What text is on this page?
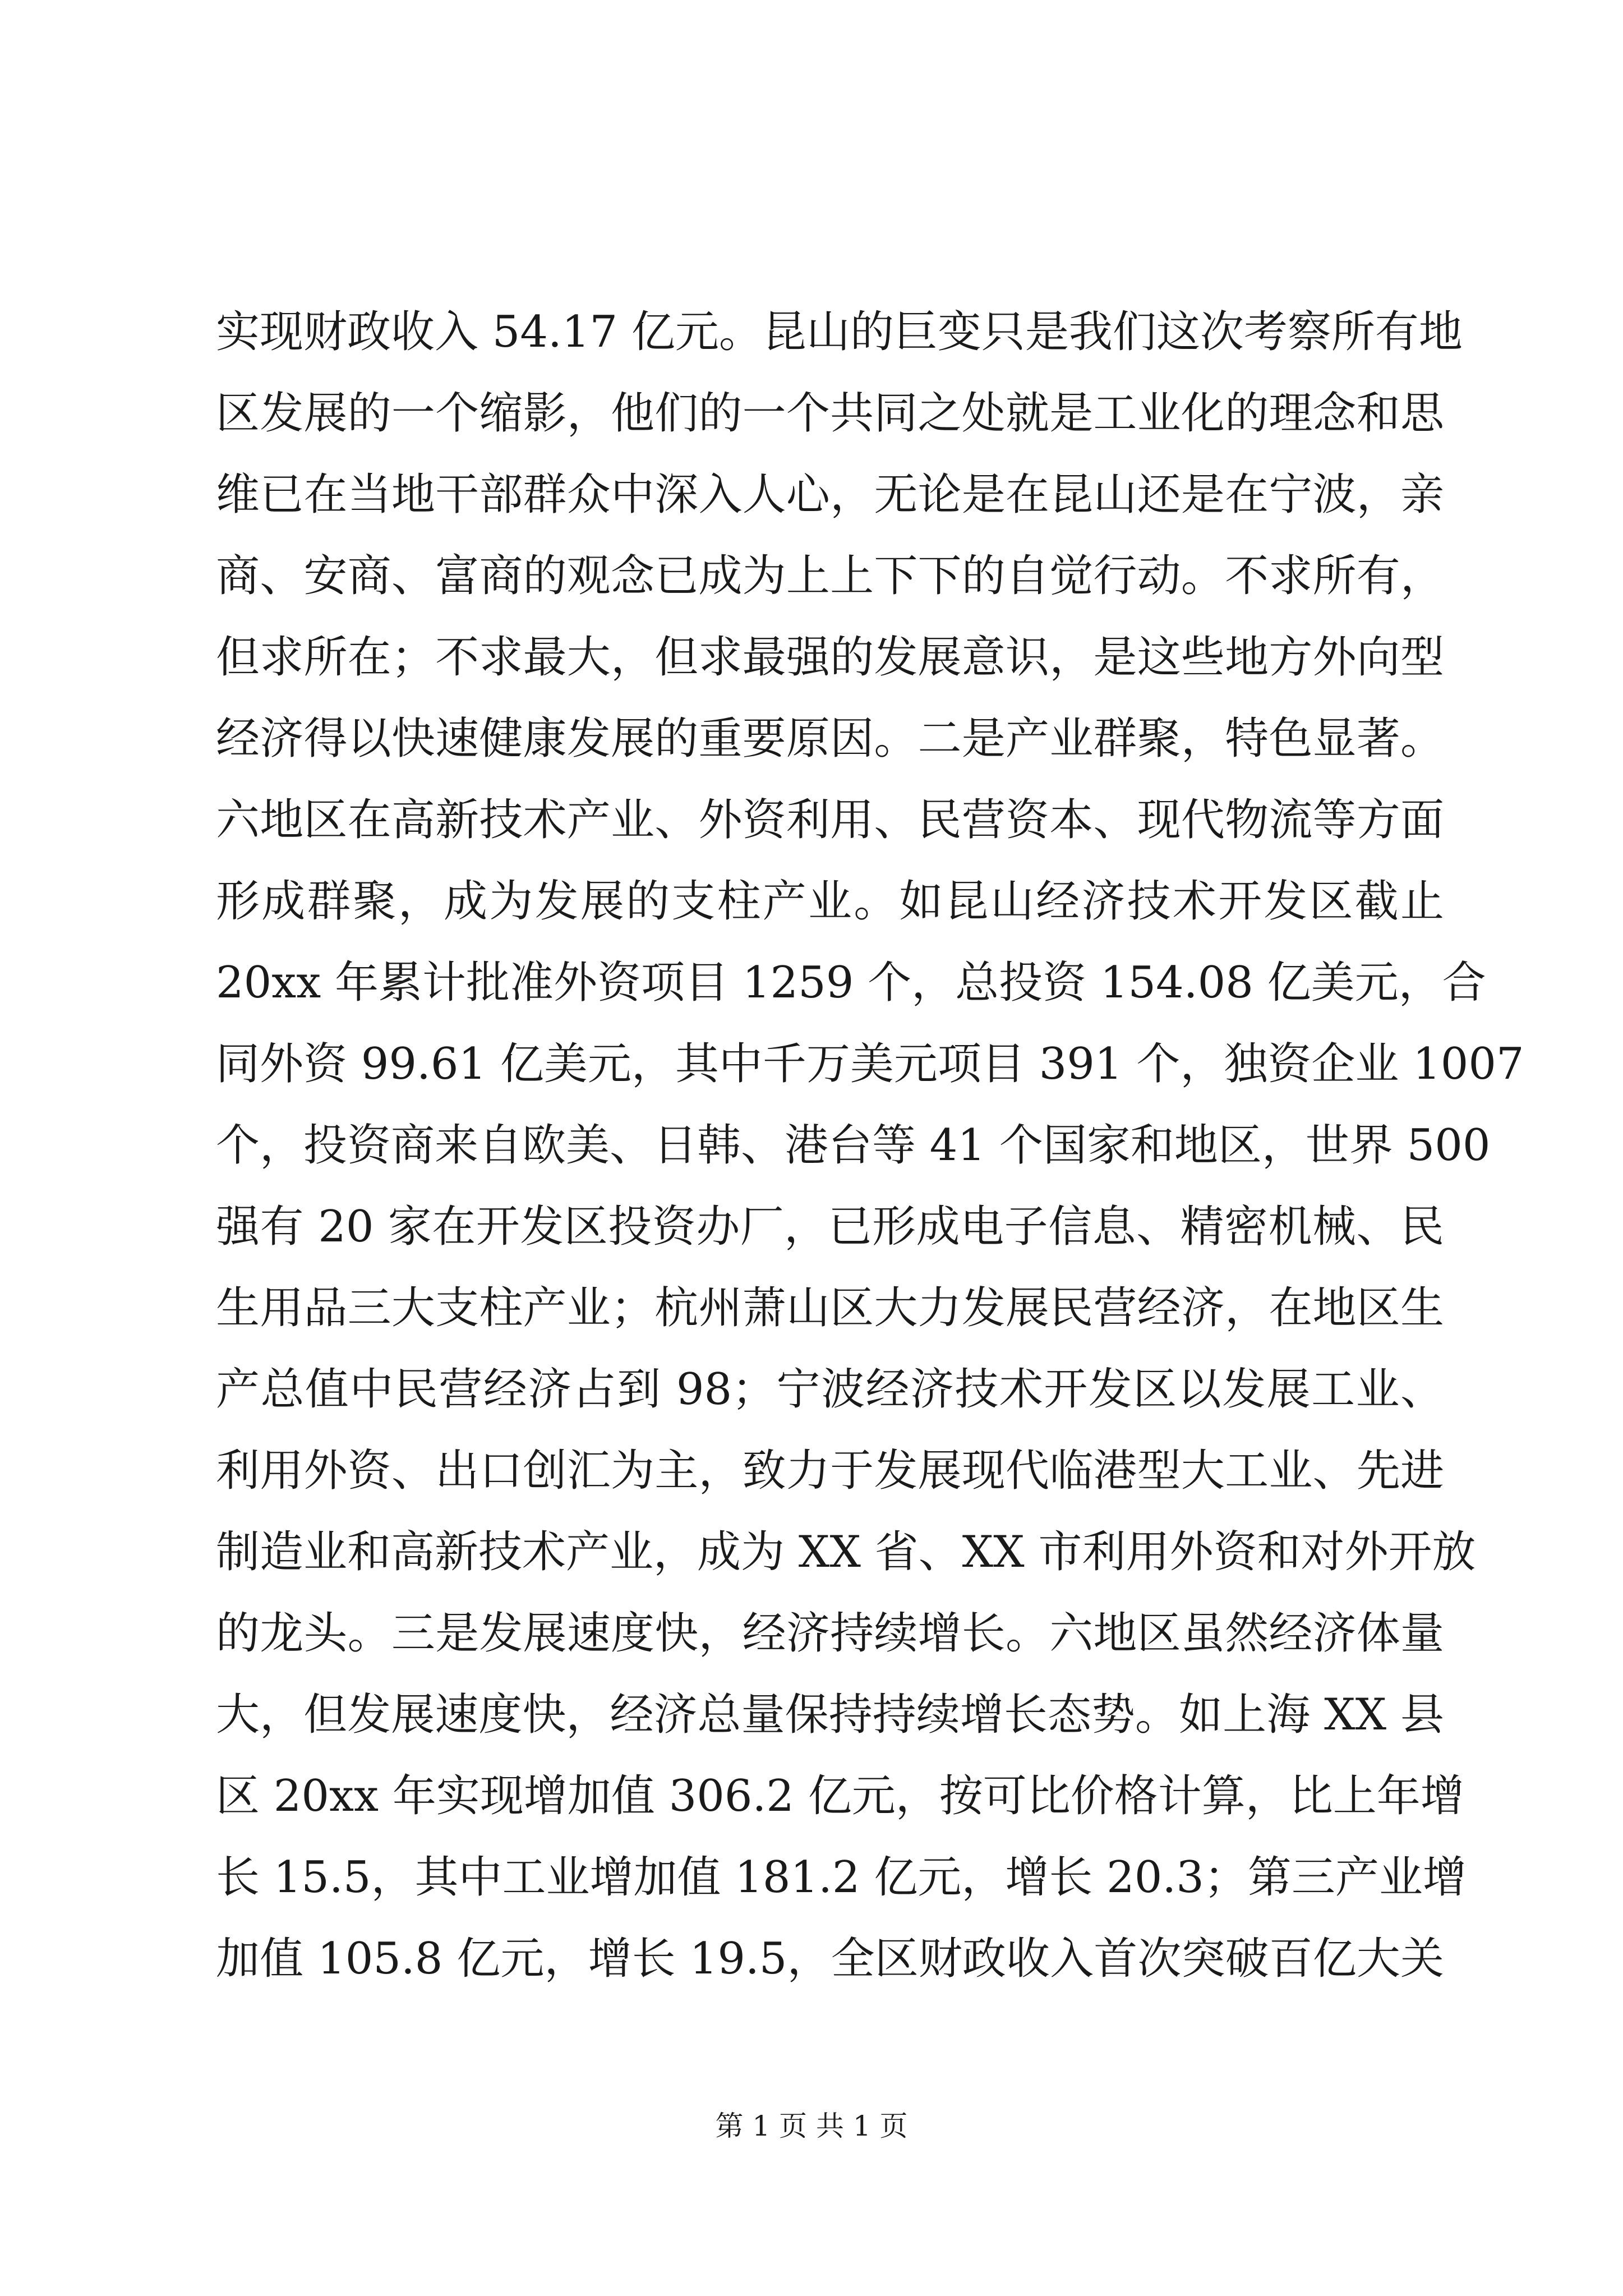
实现财政收入 54.17 亿元。昆山的巨变只是我们这次考察所有地
区发展的一个缩影，他们的一个共同之处就是工业化的理念和思
维已在当地干部群众中深入人心，无论是在昆山还是在宁波，亲
商、安商、富商的观念已成为上上下下的自觉行动。不求所有，
但求所在；不求最大，但求最强的发展意识，是这些地方外向型
经济得以快速健康发展的重要原因。二是产业群聚，特色显著。
六地区在高新技术产业、外资利用、民营资本、现代物流等方面
形成群聚，成为发展的支柱产业。如昆山经济技术开发区截止
20xx 年累计批准外资项目 1259 个，总投资 154.08 亿美元，合
同外资 99.61 亿美元，其中千万美元项目 391 个，独资企业 1007
个，投资商来自欧美、日韩、港台等 41 个国家和地区，世界 500
强有 20 家在开发区投资办厂，已形成电子信息、精密机械、民
生用品三大支柱产业；杭州萧山区大力发展民营经济，在地区生
产总值中民营经济占到 98；宁波经济技术开发区以发展工业、
利用外资、出口创汇为主，致力于发展现代临港型大工业、先进
制造业和高新技术产业，成为 XX 省、XX 市利用外资和对外开放
的龙头。三是发展速度快，经济持续增长。六地区虽然经济体量
大，但发展速度快，经济总量保持持续增长态势。如上海 XX 县
区 20xx 年实现增加值 306.2 亿元，按可比价格计算，比上年增
长 15.5，其中工业增加值 181.2 亿元，增长 20.3；第三产业增
加值 105.8 亿元，增长 19.5，全区财政收入首次突破百亿大关
第 1 页 共 1 页
